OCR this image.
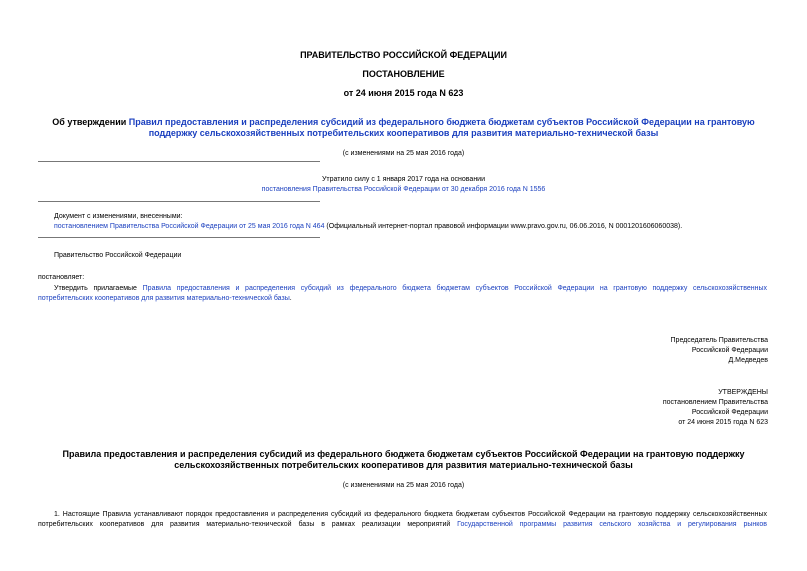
ПРАВИТЕЛЬСТВО РОССИЙСКОЙ ФЕДЕРАЦИИ
ПОСТАНОВЛЕНИЕ
от 24 июня 2015 года N 623
Об утверждении Правил предоставления и распределения субсидий из федерального бюджета бюджетам субъектов Российской Федерации на грантовую
поддержку сельскохозяйственных потребительских кооперативов для развития материально-технической базы
(с изменениями на 25 мая 2016 года)
Утратило силу с 1 января 2017 года на основании
постановления Правительства Российской Федерации от 30 декабря 2016 года N 1556
Документ с изменениями, внесенными:
постановлением Правительства Российской Федерации от 25 мая 2016 года N 464 (Официальный интернет-портал правовой информации www.pravo.gov.ru, 06.06.2016, N 0001201606060038).
Правительство Российской Федерации
постановляет:
Утвердить прилагаемые Правила предоставления и распределения субсидий из федерального бюджета бюджетам субъектов Российской Федерации на грантовую поддержку сельскохозяйственных
потребительских кооперативов для развития материально-технической базы.
Председатель Правительства
Российской Федерации
Д.Медведев
УТВЕРЖДЕНЫ
постановлением Правительства
Российской Федерации
от 24 июня 2015 года N 623
Правила предоставления и распределения субсидий из федерального бюджета бюджетам субъектов Российской Федерации на грантовую поддержку
сельскохозяйственных потребительских кооперативов для развития материально-технической базы
(с изменениями на 25 мая 2016 года)
1. Настоящие Правила устанавливают порядок предоставления и распределения субсидий из федерального бюджета бюджетам субъектов Российской Федерации на грантовую поддержку сельскохозяйственных
потребительских кооперативов для развития материально-технической базы в рамках реализации мероприятий Государственной программы развития сельского хозяйства и регулирования рынков
